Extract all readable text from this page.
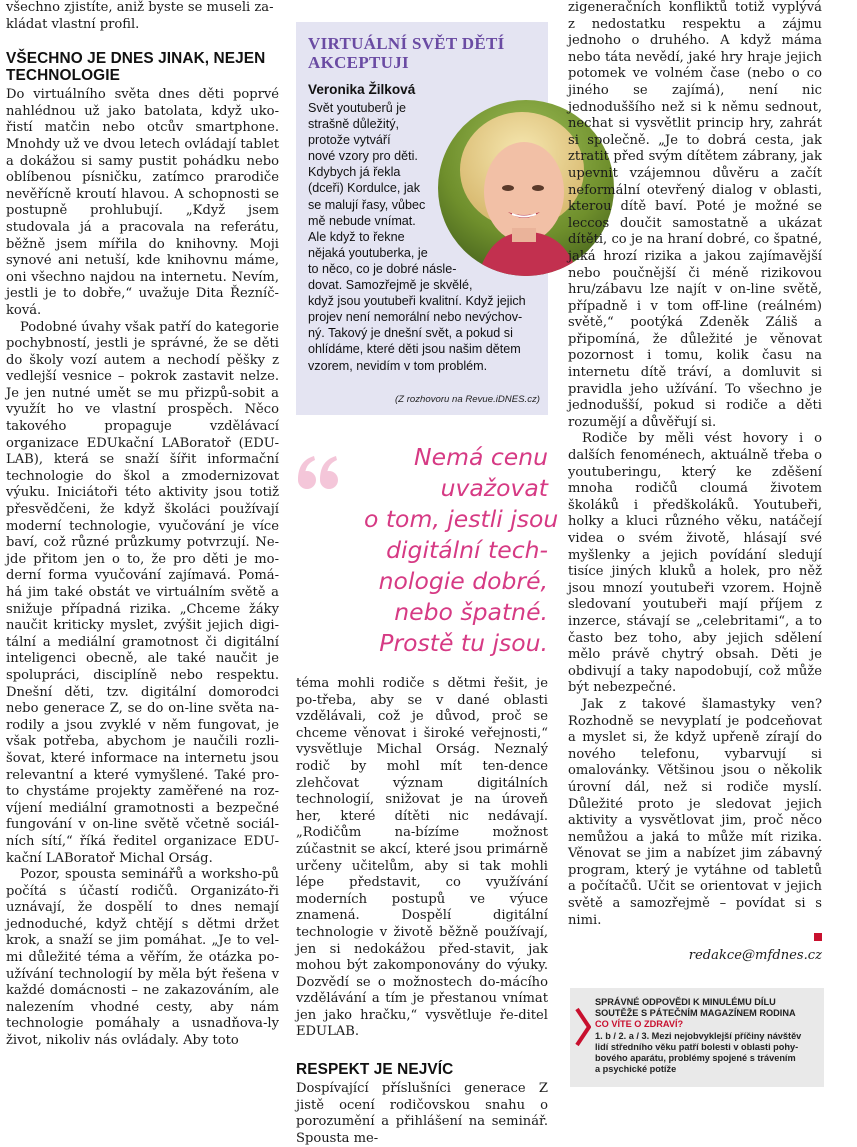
všechno zjistíte, aniž byste se museli za-

kládat vlastní profil.

VŠECHNO JE DNES JINAK, NEJEN TECHNOLOGIE

Do virtuálního světa dnes děti poprvé nahlédnou už jako batolata, když uko-řistí matčin nebo otcův smartphone. Mnohdy už ve dvou letech ovládají tablet a dokážou si samy pustit pohádku nebo oblíbenou písničku, zatímco prarodiče nevěřícně kroutí hlavou. A schopnosti se postupně prohlubují. „Když jsem studovala já a pracovala na referátu, běžně jsem mířila do knihovny. Moji synové ani netuší, kde knihovnu máme, oni všechno najdou na internetu. Nevím, jestli je to dobře,“ uvažuje Dita Řezníč-ková.

Podobné úvahy však patří do kategorie pochybností, jestli je správné, že se děti do školy vozí autem a nechodí pěšky z vedlejší vesnice – pokrok zastavit nelze. Je jen nutné umět se mu přizpů-sobit a využít ho ve vlastní prospěch. Něco takového propaguje vzdělávací organizace EDUkační LABoratoř (EDU-LAB), která se snaží šířit informační technologie do škol a zmodernizovat výuku. Iniciátoři této aktivity jsou totiž přesvědčeni, že když školáci používají moderní technologie, vyučování je více baví, což různé průzkumy potvrzují. Ne-jde přitom jen o to, že pro děti je mo-derní forma vyučování zajímavá. Pomá-há jim také obstát ve virtuálním světě a snižuje případná rizika. „Chceme žáky naučit kriticky myslet, zvýšit jejich digi-tální a mediální gramotnost či digitální inteligenci obecně, ale také naučit je spolupráci, disciplíně nebo respektu. Dnešní děti, tzv. digitální domorodci nebo generace Z, se do on-line světa na-rodily a jsou zvyklé v něm fungovat, je však potřeba, abychom je naučili rozli-šovat, které informace na internetu jsou relevantní a které vymyšlené. Také pro-to chystáme projekty zaměřené na roz-víjení mediální gramotnosti a bezpečné fungování v on-line světě včetně sociál-ních sítí,“ říká ředitel organizace EDU-kační LABoratoř Michal Orság.

Pozor, spousta seminářů a worksho-pů počítá s účastí rodičů. Organizáto-ři uznávají, že dospělí to dnes nemají jednoduché, když chtějí s dětmi držet krok, a snaží se jim pomáhat. „Je to vel-mi důležité téma a věřím, že otázka po-užívání technologií by měla být řešena v každé domácnosti – ne zakazováním, ale nalezením vhodné cesty, aby nám technologie pomáhaly a usnadňova-ly život, nikoliv nás ovládaly. Aby toto

VIRTUÁLNÍ SVĚT DĚTÍ AKCEPTUJI

Veronika Žilková

Svět youtuberů je
strašně důležitý,
protože vytváří
nové vzory pro děti.
Kdybych já řekla
(dceři) Kordulce, jak
se malují řasy, vůbec
mě nebude vnímat.
Ale když to řekne
nějaká youtuberka, je
to něco, co je dobré násle-
dovat. Samozřejmě je skvělé,
když jsou youtubeři kvalitní. Když jejich
projev není nemorální nebo nevýchov-
ný. Takový je dnešní svět, a pokud si
ohlídáme, které děti jsou našim dětem
vzorem, nevidím v tom problém.

(Z rozhovoru na Revue.iDNES.cz)

Nemá cenu
uvažovat
o tom, jestli jsou
digitální tech-
nologie dobré,
nebo špatné.
Prostě tu jsou.

téma mohli rodiče s dětmi řešit, je po-třeba, aby se v dané oblasti vzdělávali, což je důvod, proč se chceme věnovat i široké veřejnosti,“ vysvětluje Michal Orság. Neznalý rodič by mohl mít ten-dence zlehčovat význam digitálních technologií, snižovat je na úroveň her, které dítěti nic nedávají. „Rodičům na-bízíme možnost zúčastnit se akcí, které jsou primárně určeny učitelům, aby si tak mohli lépe představit, co využívání moderních postupů ve výuce znamená. Dospělí digitální technologie v životě běžně používají, jen si nedokážou před-stavit, jak mohou být zakomponovány do výuky. Dozvědí se o možnostech do-mácího vzdělávání a tím je přestanou vnímat jen jako hračku,“ vysvětluje ře-ditel EDULAB.

RESPEKT JE NEJVÍC

Dospívající příslušníci generace Z jistě ocení rodičovskou snahu o porozumění a přihlášení na seminář. Spousta me-

zigeneračních konfliktů totiž vyplývá z nedostatku respektu a zájmu jednoho o druhého. A když máma nebo táta nevědí, jaké hry hraje jejich potomek ve volném čase (nebo o co jiného se zajímá), není nic jednoduššího než si k němu sednout, nechat si vysvětlit princip hry, zahrát si společně. „Je to dobrá cesta, jak ztratit před svým dítětem zábrany, jak upevnit vzájemnou důvěru a začít neformální otevřený dialog v oblasti, kterou dítě baví. Poté je možné se leccos doučit samostatně a ukázat dítěti, co je na hraní dobré, co špatné, jaká hrozí rizika a jakou zajímavější nebo poučnější či méně rizikovou hru/zábavu lze najít v on-line světě, případně i v tom off-line (reálném) světě,“ pootýká Zdeněk Záliš a připomíná, že důležité je věnovat pozornost i tomu, kolik času na internetu dítě tráví, a domluvit si pravidla jeho užívání. To všechno je jednodušší, pokud si rodiče a děti rozumějí a důvěřují si.

Rodiče by měli vést hovory i o dalších fenoménech, aktuálně třeba o youtuberingu, který ke zděšení mnoha rodičů cloumá životem školáků i předškoláků. Youtubeři, holky a kluci různého věku, natáčejí videa o svém životě, hlásají své myšlenky a jejich povídání sledují tisíce jiných kluků a holek, pro něž jsou mnozí youtubeři vzorem. Hojně sledovaní youtubeři mají příjem z inzerce, stávají se „celebritami“, a to často bez toho, aby jejich sdělení mělo právě chytrý obsah. Děti je obdivují a taky napodobují, což může být nebezpečné.

Jak z takové šlamastyky ven? Rozhodně se nevyplatí je podceňovat a myslet si, že když upřeně zírají do nového telefonu, vybarvují si omalovánky. Většinou jsou o několik úrovní dál, než si rodiče myslí. Důležité proto je sledovat jejich aktivity a vysvětlovat jim, proč něco nemůžou a jaká to může mít rizika. Věnovat se jim a nabízet jim zábavný program, který je vytáhne od tabletů a počítačů. Učit se orientovat v jejich světě a samozřejmě – povídat si s nimi.

redakce@mfdnes.cz

SPRÁVNÉ ODPOVĚDI K MINULÉMU DÍLU
SOUTĚŽE S PÁTEČNÍM MAGAZÍNEM RODINA
CO VÍTE O ZDRAVÍ?
1. b / 2. a / 3. Mezi nejobvyklejší příčiny návštěv
lidí středního věku patří bolesti v oblasti pohy-
bového aparátu, problémy spojené s trávením
a psychické potíže
